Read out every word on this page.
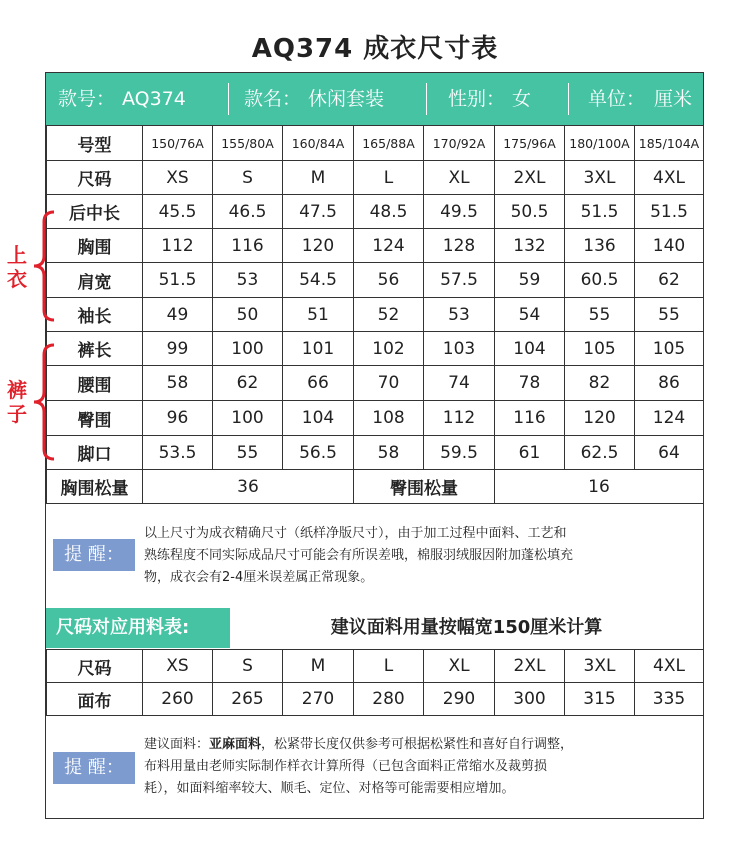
AQ374 成衣尺寸表
款号： AQ374	款名： 休闲套装	性别： 女	单位： 厘米
号型	150/76A	155/80A	160/84A	165/88A	170/92A	175/96A	180/100A	185/104A
尺码	XS	S	M	L	XL	2XL	3XL	4XL
后中长	45.5	46.5	47.5	48.5	49.5	50.5	51.5	51.5
胸围	112	116	120	124	128	132	136	140
肩宽	51.5	53	54.5	56	57.5	59	60.5	62
袖长	49	50	51	52	53	54	55	55
裤长	99	100	101	102	103	104	105	105
腰围	58	62	66	70	74	78	82	86
臀围	96	100	104	108	112	116	120	124
脚口	53.5	55	56.5	58	59.5	61	62.5	64
胸围松量	36			臀围松量		16		
上衣
裤子
提 醒：
以上尺寸为成衣精确尺寸（纸样净版尺寸），由于加工过程中面料、工艺和
熟练程度不同实际成品尺寸可能会有所误差哦，棉服羽绒服因附加蓬松填充
物，成衣会有2-4厘米误差属正常现象。
尺码对应用料表:	建议面料用量按幅宽150厘米计算
尺码	XS	S	M	L	XL	2XL	3XL	4XL
面布	260	265	270	280	290	300	315	335
提 醒：
建议面料：亚麻面料，松紧带长度仅供参考可根据松紧性和喜好自行调整，
布料用量由老师实际制作样衣计算所得（已包含面料正常缩水及裁剪损
耗），如面料缩率较大、顺毛、定位、对格等可能需要相应增加。
